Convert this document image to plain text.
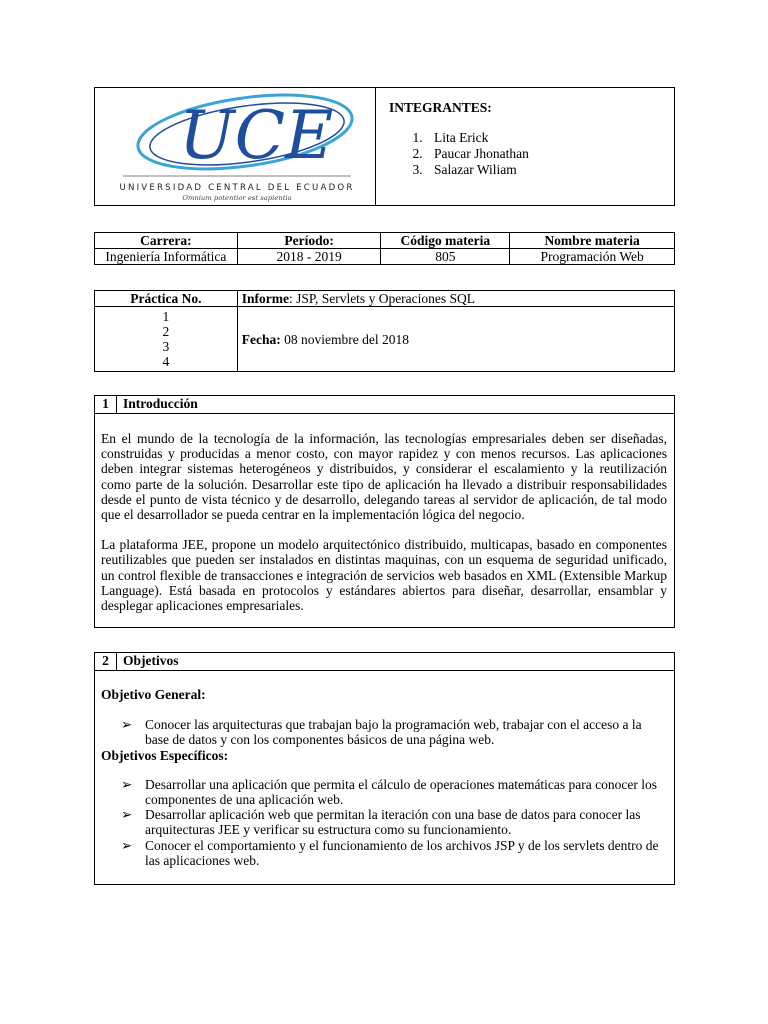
UCE
UNIVERSIDAD CENTRAL DEL ECUADOR
Omnium potentior est sapientia
INTEGRANTES:
1. Lita Erick
2. Paucar Jhonathan
3. Salazar Wiliam
Carrera:	Período:	Código materia	Nombre materia
Ingeniería Informática	2018 - 2019	805	Programación Web
Práctica No.	Informe: JSP, Servlets y Operaciones SQL

1
2
3
4	Fecha: 08 noviembre del 2018
1	Introducción

En el mundo de la tecnología de la información, las tecnologías empresariales deben ser diseñadas, construidas y producidas a menor costo, con mayor rapidez y con menos recursos. Las aplicaciones deben integrar sistemas heterogéneos y distribuidos, y considerar el escalamiento y la reutilización como parte de la solución. Desarrollar este tipo de aplicación ha llevado a distribuir responsabilidades desde el punto de vista técnico y de desarrollo, delegando tareas al servidor de aplicación, de tal modo que el desarrollador se pueda centrar en la implementación lógica del negocio.

La plataforma JEE, propone un modelo arquitectónico distribuido, multicapas, basado en componentes reutilizables que pueden ser instalados en distintas maquinas, con un esquema de seguridad unificado, un control flexible de transacciones e integración de servicios web basados en XML (Extensible Markup Language). Está basada en protocolos y estándares abiertos para diseñar, desarrollar, ensamblar y desplegar aplicaciones empresariales.

2	Objetivos
Objetivo General:
➢ Conocer las arquitecturas que trabajan bajo la programación web, trabajar con el acceso a la base de datos y con los componentes básicos de una página web.
Objetivos Específicos:
➢ Desarrollar una aplicación que permita el cálculo de operaciones matemáticas para conocer los componentes de una aplicación web.
➢ Desarrollar aplicación web que permitan la iteración con una base de datos para conocer las arquitecturas JEE y verificar su estructura como su funcionamiento.
➢ Conocer el comportamiento y el funcionamiento de los archivos JSP y de los servlets dentro de las aplicaciones web.
